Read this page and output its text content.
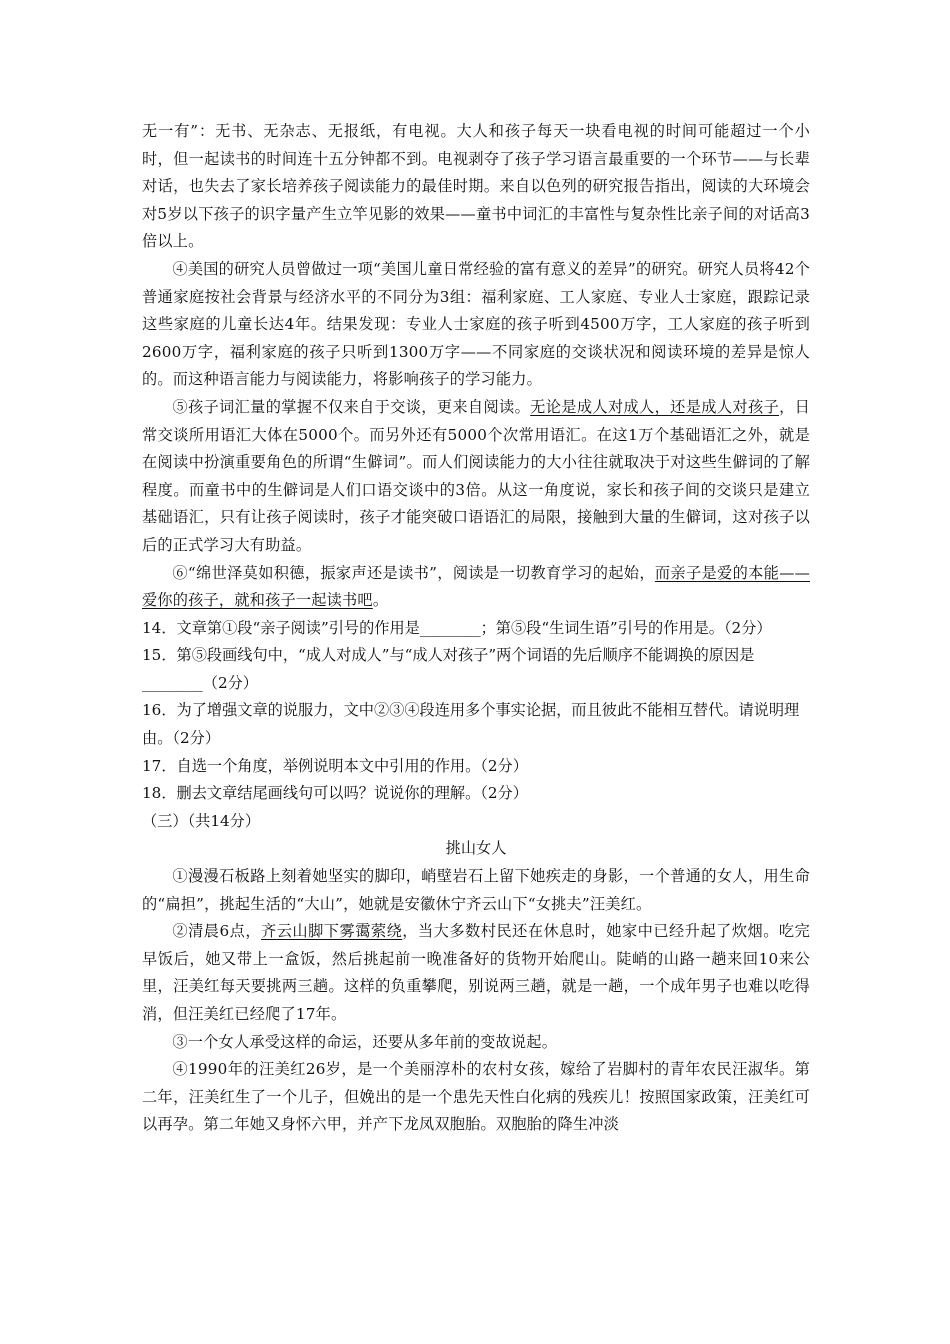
无一有”：无书、无杂志、无报纸，有电视。大人和孩子每天一块看电视的时间可能超过一个小时，但一起读书的时间连十五分钟都不到。电视剥夺了孩子学习语言最重要的一个环节——与长辈对话，也失去了家长培养孩子阅读能力的最佳时期。来自以色列的研究报告指出，阅读的大环境会对5岁以下孩子的识字量产生立竿见影的效果——童书中词汇的丰富性与复杂性比亲子间的对话高3倍以上。

④美国的研究人员曾做过一项“美国儿童日常经验的富有意义的差异”的研究。研究人员将42个普通家庭按社会背景与经济水平的不同分为3组：福利家庭、工人家庭、专业人士家庭，跟踪记录这些家庭的儿童长达4年。结果发现：专业人士家庭的孩子听到4500万字，工人家庭的孩子听到2600万字，福利家庭的孩子只听到1300万字——不同家庭的交谈状况和阅读环境的差异是惊人的。而这种语言能力与阅读能力，将影响孩子的学习能力。

⑤孩子词汇量的掌握不仅来自于交谈，更来自阅读。无论是成人对成人，还是成人对孩子，日常交谈所用语汇大体在5000个。而另外还有5000个次常用语汇。在这1万个基础语汇之外，就是在阅读中扮演重要角色的所谓“生僻词”。而人们阅读能力的大小往往就取决于对这些生僻词的了解程度。而童书中的生僻词是人们口语交谈中的3倍。从这一角度说，家长和孩子间的交谈只是建立基础语汇，只有让孩子阅读时，孩子才能突破口语语汇的局限，接触到大量的生僻词，这对孩子以后的正式学习大有助益。

⑥“绵世泽莫如积德，振家声还是读书”，阅读是一切教育学习的起始，而亲子是爱的本能——爱你的孩子，就和孩子一起读书吧。

14．文章第①段“亲子阅读”引号的作用是________；第⑤段“生词生语”引号的作用是。（2分）

15．第⑤段画线句中，“成人对成人”与“成人对孩子”两个词语的先后顺序不能调换的原因是________（2分）

16．为了增强文章的说服力，文中②③④段连用多个事实论据，而且彼此不能相互替代。请说明理由。（2分）

17．自选一个角度，举例说明本文中引用的作用。（2分）

18．删去文章结尾画线句可以吗？说说你的理解。（2分）

（三）（共14分）

挑山女人

①漫漫石板路上刻着她坚实的脚印，峭壁岩石上留下她疾走的身影，一个普通的女人，用生命的“扁担”，挑起生活的“大山”，她就是安徽休宁齐云山下“女挑夫”汪美红。

②清晨6点，齐云山脚下雾霭萦绕，当大多数村民还在休息时，她家中已经升起了炊烟。吃完早饭后，她又带上一盒饭，然后挑起前一晚准备好的货物开始爬山。陡峭的山路一趟来回10来公里，汪美红每天要挑两三趟。这样的负重攀爬，别说两三趟，就是一趟，一个成年男子也难以吃得消，但汪美红已经爬了17年。

③一个女人承受这样的命运，还要从多年前的变故说起。

④1990年的汪美红26岁，是一个美丽淳朴的农村女孩，嫁给了岩脚村的青年农民汪淑华。第二年，汪美红生了一个儿子，但娩出的是一个患先天性白化病的残疾儿！按照国家政策，汪美红可以再孕。第二年她又身怀六甲，并产下龙凤双胞胎。双胞胎的降生冲淡
